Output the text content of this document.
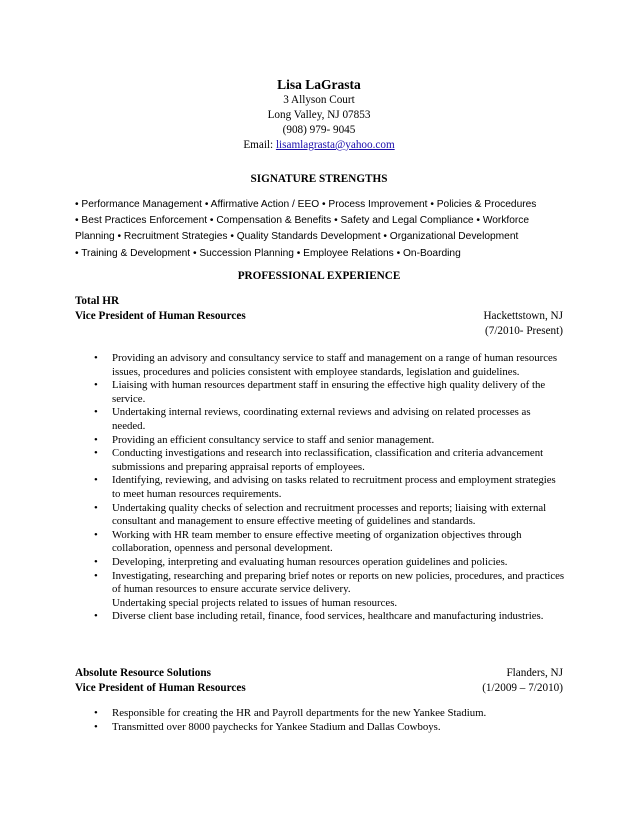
Lisa LaGrasta
3 Allyson Court
Long Valley, NJ 07853
(908) 979- 9045
Email: lisamlagrasta@yahoo.com
SIGNATURE STRENGTHS
• Performance Management • Affirmative Action / EEO • Process Improvement • Policies & Procedures
• Best Practices Enforcement • Compensation & Benefits • Safety and Legal Compliance • Workforce
Planning • Recruitment Strategies • Quality Standards Development • Organizational Development
• Training & Development • Succession Planning • Employee Relations • On-Boarding
PROFESSIONAL EXPERIENCE
Total HR
Vice President of Human Resources	Hackettstown, NJ
(7/2010- Present)
• Providing an advisory and consultancy service to staff and management on a range of human resources issues, procedures and policies consistent with employee standards, legislation and guidelines.
• Liaising with human resources department staff in ensuring the effective high quality delivery of the service.
• Undertaking internal reviews, coordinating external reviews and advising on related processes as needed.
• Providing an efficient consultancy service to staff and senior management.
• Conducting investigations and research into reclassification, classification and criteria advancement submissions and preparing appraisal reports of employees.
• Identifying, reviewing, and advising on tasks related to recruitment process and employment strategies to meet human resources requirements.
• Undertaking quality checks of selection and recruitment processes and reports; liaising with external consultant and management to ensure effective meeting of guidelines and standards.
• Working with HR team member to ensure effective meeting of organization objectives through collaboration, openness and personal development.
• Developing, interpreting and evaluating human resources operation guidelines and policies.
• Investigating, researching and preparing brief notes or reports on new policies, procedures, and practices of human resources to ensure accurate service delivery.
Undertaking special projects related to issues of human resources.
• Diverse client base including retail, finance, food services, healthcare and manufacturing industries.
Absolute Resource Solutions	Flanders, NJ
Vice President of Human Resources	(1/2009 – 7/2010)
• Responsible for creating the HR and Payroll departments for the new Yankee Stadium.
• Transmitted over 8000 paychecks for Yankee Stadium and Dallas Cowboys.
